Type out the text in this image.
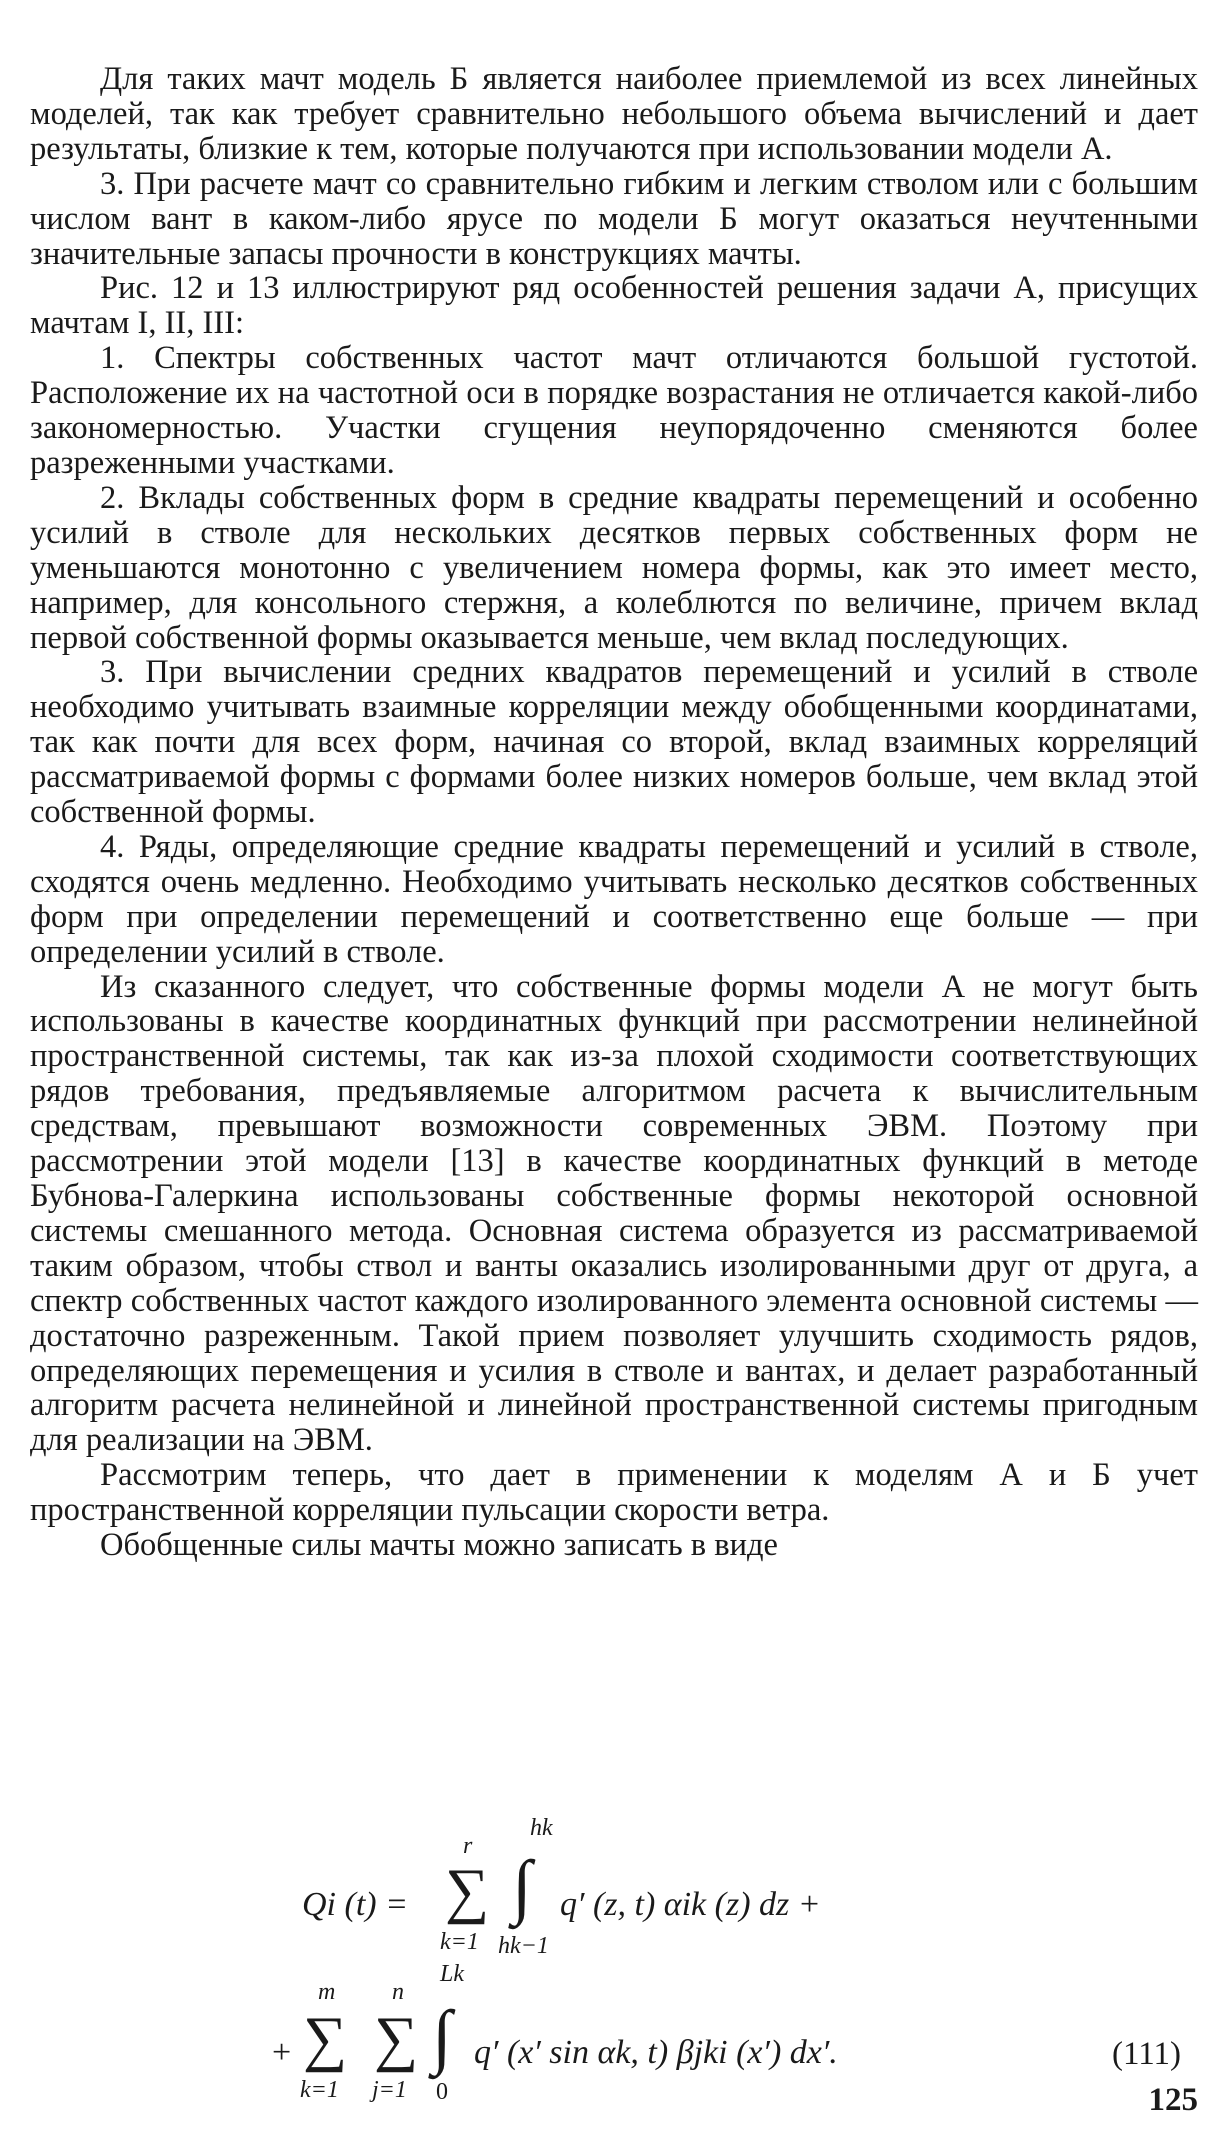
Для таких мачт модель Б является наиболее приемлемой из всех линейных моделей, так как требует сравнительно небольшого объема вычислений и дает результаты, близкие к тем, которые получаются при использовании модели А.

3. При расчете мачт со сравнительно гибким и легким стволом или с большим числом вант в каком-либо ярусе по модели Б могут оказаться неучтенными значительные запасы прочности в конструкциях мачты.

Рис. 12 и 13 иллюстрируют ряд особенностей решения задачи А, присущих мачтам I, II, III:

1. Спектры собственных частот мачт отличаются большой густотой. Расположение их на частотной оси в порядке возрастания не отличается какой-либо закономерностью. Участки сгущения неупорядоченно сменяются более разреженными участками.

2. Вклады собственных форм в средние квадраты перемещений и особенно усилий в стволе для нескольких десятков первых собственных форм не уменьшаются монотонно с увеличением номера формы, как это имеет место, например, для консольного стержня, а колеблются по величине, причем вклад первой собственной формы оказывается меньше, чем вклад последующих.

3. При вычислении средних квадратов перемещений и усилий в стволе необходимо учитывать взаимные корреляции между обобщенными координатами, так как почти для всех форм, начиная со второй, вклад взаимных корреляций рассматриваемой формы с формами более низких номеров больше, чем вклад этой собственной формы.

4. Ряды, определяющие средние квадраты перемещений и усилий в стволе, сходятся очень медленно. Необходимо учитывать несколько десятков собственных форм при определении перемещений и соответственно еще больше — при определении усилий в стволе.

Из сказанного следует, что собственные формы модели А не могут быть использованы в качестве координатных функций при рассмотрении нелинейной пространственной системы, так как из-за плохой сходимости соответствующих рядов требования, предъявляемые алгоритмом расчета к вычислительным средствам, превышают возможности современных ЭВМ. Поэтому при рассмотрении этой модели [13] в качестве координатных функций в методе Бубнова-Галеркина использованы собственные формы некоторой основной системы смешанного метода. Основная система образуется из рассматриваемой таким образом, чтобы ствол и ванты оказались изолированными друг от друга, а спектр собственных частот каждого изолированного элемента основной системы — достаточно разреженным. Такой прием позволяет улучшить сходимость рядов, определяющих перемещения и усилия в стволе и вантах, и делает разработанный алгоритм расчета нелинейной и линейной пространственной системы пригодным для реализации на ЭВМ.

Рассмотрим теперь, что дает в применении к моделям А и Б учет пространственной корреляции пульсации скорости ветра.

Обобщенные силы мачты можно записать в виде

Qi (t) =
r
∑
k=1
hk
∫
hk−1
q′ (z, t) αik (z) dz +
+
m
∑
k=1
n
∑
j=1
Lk
∫
0
q′ (x′ sin αk, t) βjki (x′) dx′.	(111)
125
